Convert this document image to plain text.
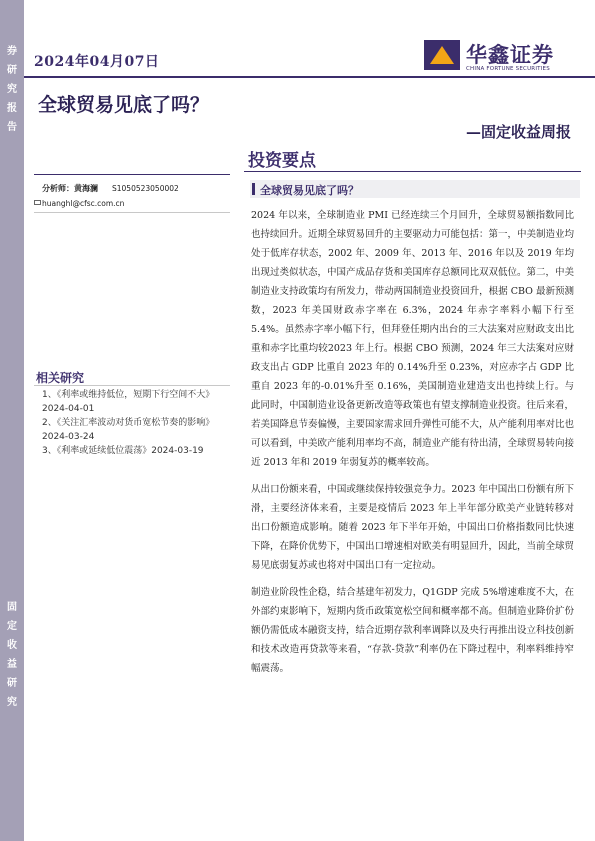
券
研
究
报
告
固
定
收
益
研
究
2024年04月07日	华鑫证券
CHINA FORTUNE SECURITIES
全球贸易见底了吗？
—固定收益周报
投资要点
分析师：黄海澜 S1050523050002
huanghl@cfsc.com.cn
相关研究
1、《利率或维持低位，短期下行空间不大》2024-04-01
2、《关注汇率波动对货币宽松节奏的影响》2024-03-24
3、《利率或延续低位震荡》2024-03-19
全球贸易见底了吗？

2024 年以来，全球制造业 PMI 已经连续三个月回升，全球贸易额指数同比也持续回升。近期全球贸易回升的主要驱动力可能包括：第一，中美制造业均处于低库存状态，2002 年、2009 年、2013 年、2016 年以及 2019 年均出现过类似状态，中国产成品存货和美国库存总额同比双双低位。第二，中美制造业支持政策均有所发力，带动两国制造业投资回升，根据 CBO 最新预测数，2023 年美国财政赤字率在 6.3%，2024 年赤字率料小幅下行至 5.4%。虽然赤字率小幅下行，但拜登任期内出台的三大法案对应财政支出比重和赤字比重均较2023 年上行。根据 CBO 预测，2024 年三大法案对应财政支出占 GDP 比重自 2023 年的 0.14%升至 0.23%，对应赤字占 GDP 比重自 2023 年的-0.01%升至 0.16%，美国制造业建造支出也持续上行。与此同时，中国制造业设备更新改造等政策也有望支撑制造业投资。往后来看，若美国降息节奏偏慢，主要国家需求回升弹性可能不大，从产能利用率对比也可以看到，中美欧产能利用率均不高，制造业产能有待出清，全球贸易转向接近 2013 年和 2019 年弱复苏的概率较高。

从出口份额来看，中国或继续保持较强竞争力。2023 年中国出口份额有所下滑，主要经济体来看，主要是疫情后 2023 年上半年部分欧美产业链转移对出口份额造成影响。随着 2023 年下半年开始，中国出口价格指数同比快速下降，在降价优势下，中国出口增速相对欧美有明显回升，因此，当前全球贸易见底弱复苏或也将对中国出口有一定拉动。

制造业阶段性企稳，结合基建年初发力，Q1GDP 完成 5%增速难度不大，在外部约束影响下，短期内货币政策宽松空间和概率都不高。但制造业降价扩份额仍需低成本融资支持，结合近期存款利率调降以及央行再推出设立科技创新和技术改造再贷款等来看，“存款-贷款”利率仍在下降过程中，利率料维持窄幅震荡。
